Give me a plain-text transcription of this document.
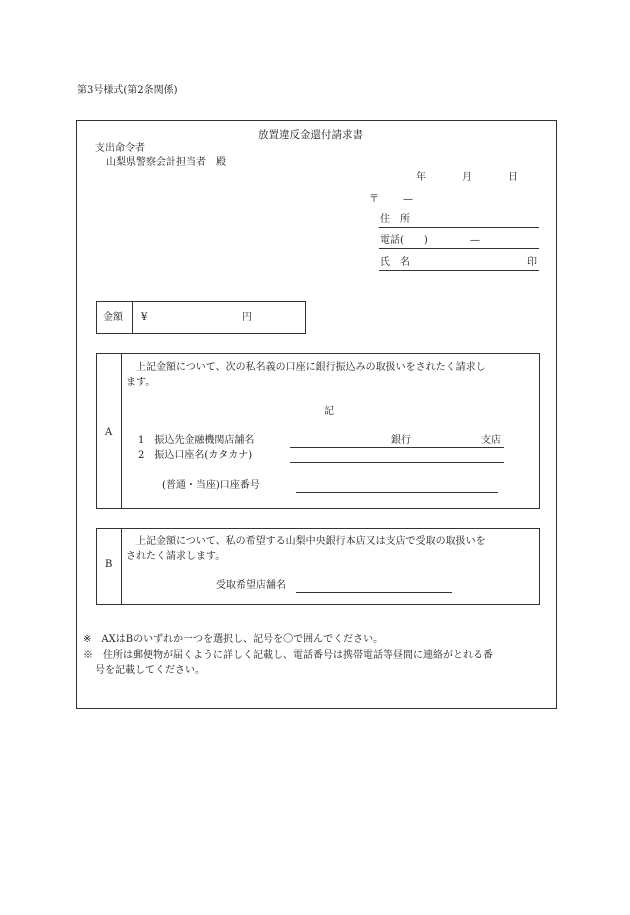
第3号様式(第2条関係)
放置違反金還付請求書
支出命令者
山梨県警察会計担当者　殿
年	月	日
〒 —
住　所
電話(　　)	—
氏　名	印
金額 ¥	円
A
上記金額について、次の私名義の口座に銀行振込みの取扱いをされたく請求し
ます。
記
1　振込先金融機関店舗名	銀行	支店
2　振込口座名(カタカナ)
(普通・当座)口座番号
B
上記金額について、私の希望する山梨中央銀行本店又は支店で受取の取扱いを
されたく請求します。
受取希望店舗名
※　AXはBのいずれか一つを選択し、記号を〇で囲んでください。
※　住所は郵便物が届くように詳しく記載し、電話番号は携帯電話等昼間に連絡がとれる番
号を記載してください。
